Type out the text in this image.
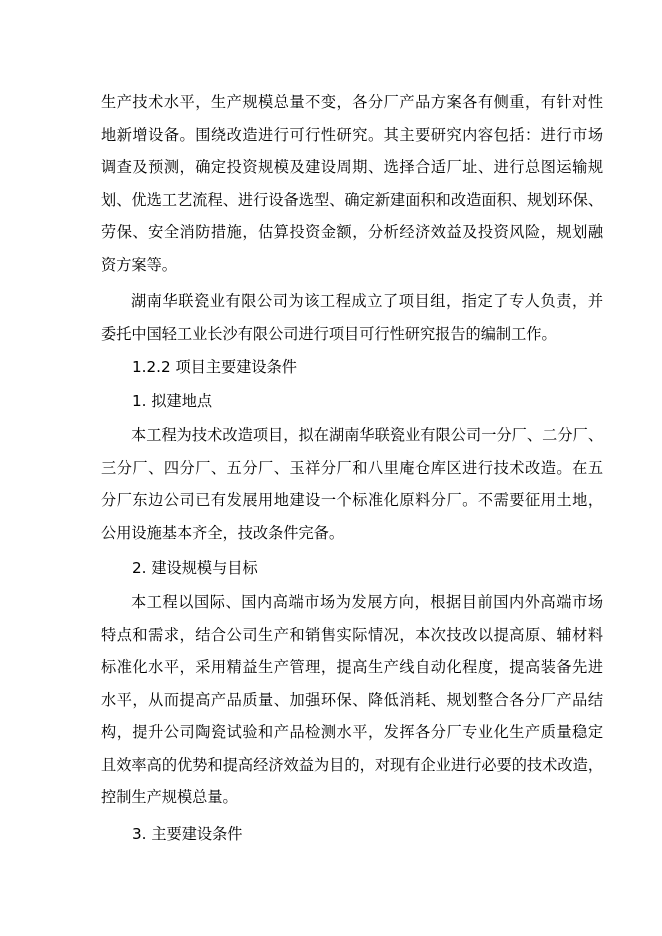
生产技术水平，生产规模总量不变，各分厂产品方案各有侧重，有针对性
地新增设备。围绕改造进行可行性研究。其主要研究内容包括：进行市场
调查及预测，确定投资规模及建设周期、选择合适厂址、进行总图运输规
划、优选工艺流程、进行设备选型、确定新建面积和改造面积、规划环保、
劳保、安全消防措施，估算投资金额，分析经济效益及投资风险，规划融
资方案等。
湖南华联瓷业有限公司为该工程成立了项目组，指定了专人负责，并
委托中国轻工业长沙有限公司进行项目可行性研究报告的编制工作。
1.2.2 项目主要建设条件
1. 拟建地点
本工程为技术改造项目，拟在湖南华联瓷业有限公司一分厂、二分厂、
三分厂、四分厂、五分厂、玉祥分厂和八里庵仓库区进行技术改造。在五
分厂东边公司已有发展用地建设一个标准化原料分厂。不需要征用土地，
公用设施基本齐全，技改条件完备。
2. 建设规模与目标
本工程以国际、国内高端市场为发展方向，根据目前国内外高端市场
特点和需求，结合公司生产和销售实际情况，本次技改以提高原、辅材料
标准化水平，采用精益生产管理，提高生产线自动化程度，提高装备先进
水平，从而提高产品质量、加强环保、降低消耗、规划整合各分厂产品结
构，提升公司陶瓷试验和产品检测水平，发挥各分厂专业化生产质量稳定
且效率高的优势和提高经济效益为目的，对现有企业进行必要的技术改造，
控制生产规模总量。
3. 主要建设条件
